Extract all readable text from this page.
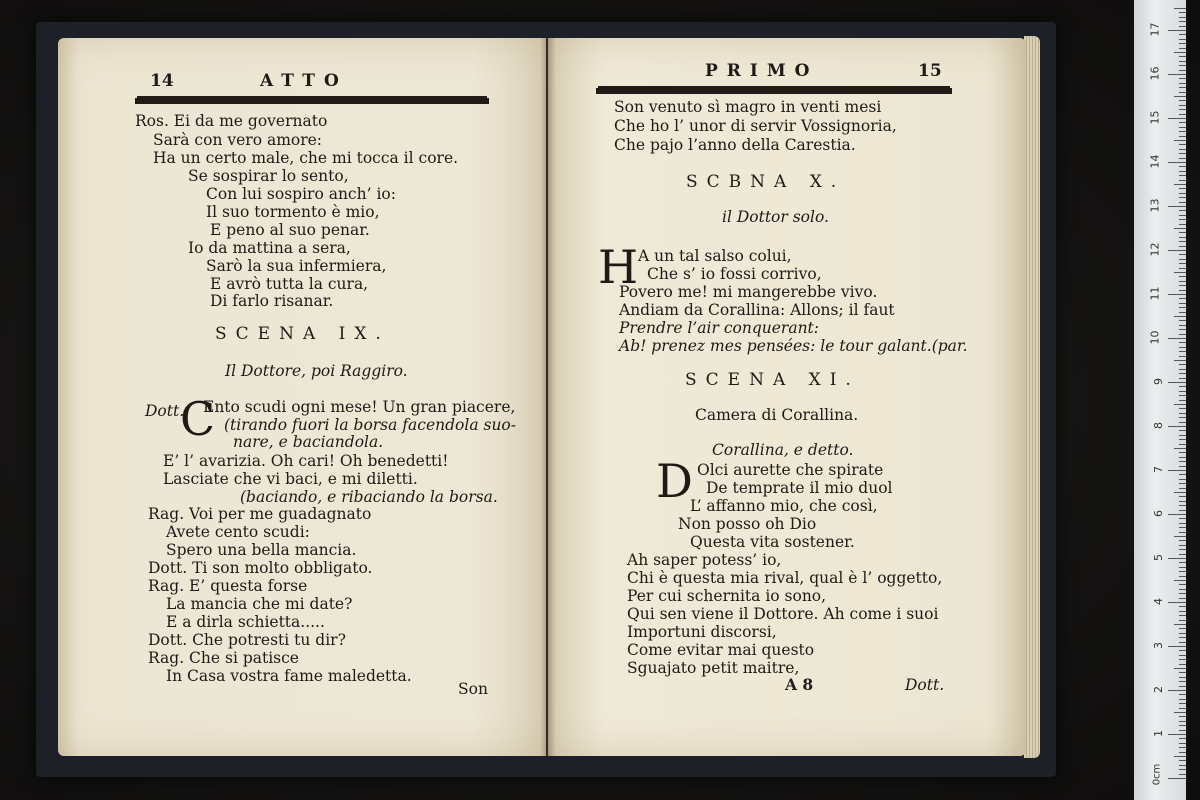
14	ATTO
Ros. Ei da me governato
Sarà con vero amore:
Ha un certo male, che mi tocca il core.
Se sospirar lo sento,
Con lui sospiro anch’ io:
Il suo tormento è mio,
E peno al suo penar.
Io da mattina a sera,
Sarò la sua infermiera,
E avrò tutta la cura,
Di farlo risanar.
SCENA IX.
Il Dottore, poi Raggiro.
Dott.
C
Ento scudi ogni mese! Un gran piacere,
(tirando fuori la borsa facendola suo-
nare, e baciandola.
E’ l’ avarizia. Oh cari! Oh benedetti!
Lasciate che vi baci, e mi diletti.
(baciando, e ribaciando la borsa.
Rag. Voi per me guadagnato
Avete cento scudi:
Spero una bella mancia.
Dott. Ti son molto obbligato.
Rag. E’ questa forse
La mancia che mi date?
E a dirla schietta.....
Dott. Che potresti tu dir?
Rag. Che si patisce
In Casa vostra fame maledetta.
Son
PRIMO	15
Son venuto sì magro in venti mesi
Che ho l’ unor di servir Vossignoria,
Che pajo l’anno della Carestia.
SCBNA X.
il Dottor solo.
H A un tal salso colui,
Che s’ io fossi corrivo,
Povero me! mi mangerebbe vivo.
Andiam da Corallina: Allons; il faut
Prendre l’air conquerant:
Ab! prenez mes pensées: le tour galant.(par.
SCENA XI.
Camera di Corallina.
Corallina, e detto.
D Olci aurette che spirate
De temprate il mio duol
L’ affanno mio, che così,
Non posso oh Dio
Questa vita sostener.
Ah saper potess’ io,
Chi è questa mia rival, qual è l’ oggetto,
Per cui schernita io sono,
Qui sen viene il Dottore. Ah come i suoi
Importuni discorsi,
Come evitar mai questo
Sguajato petit maitre,
A 8	Dott.
0cm
1
2
3
4
5
6
7
8
9
10
11
12
13
14
15
16
17
